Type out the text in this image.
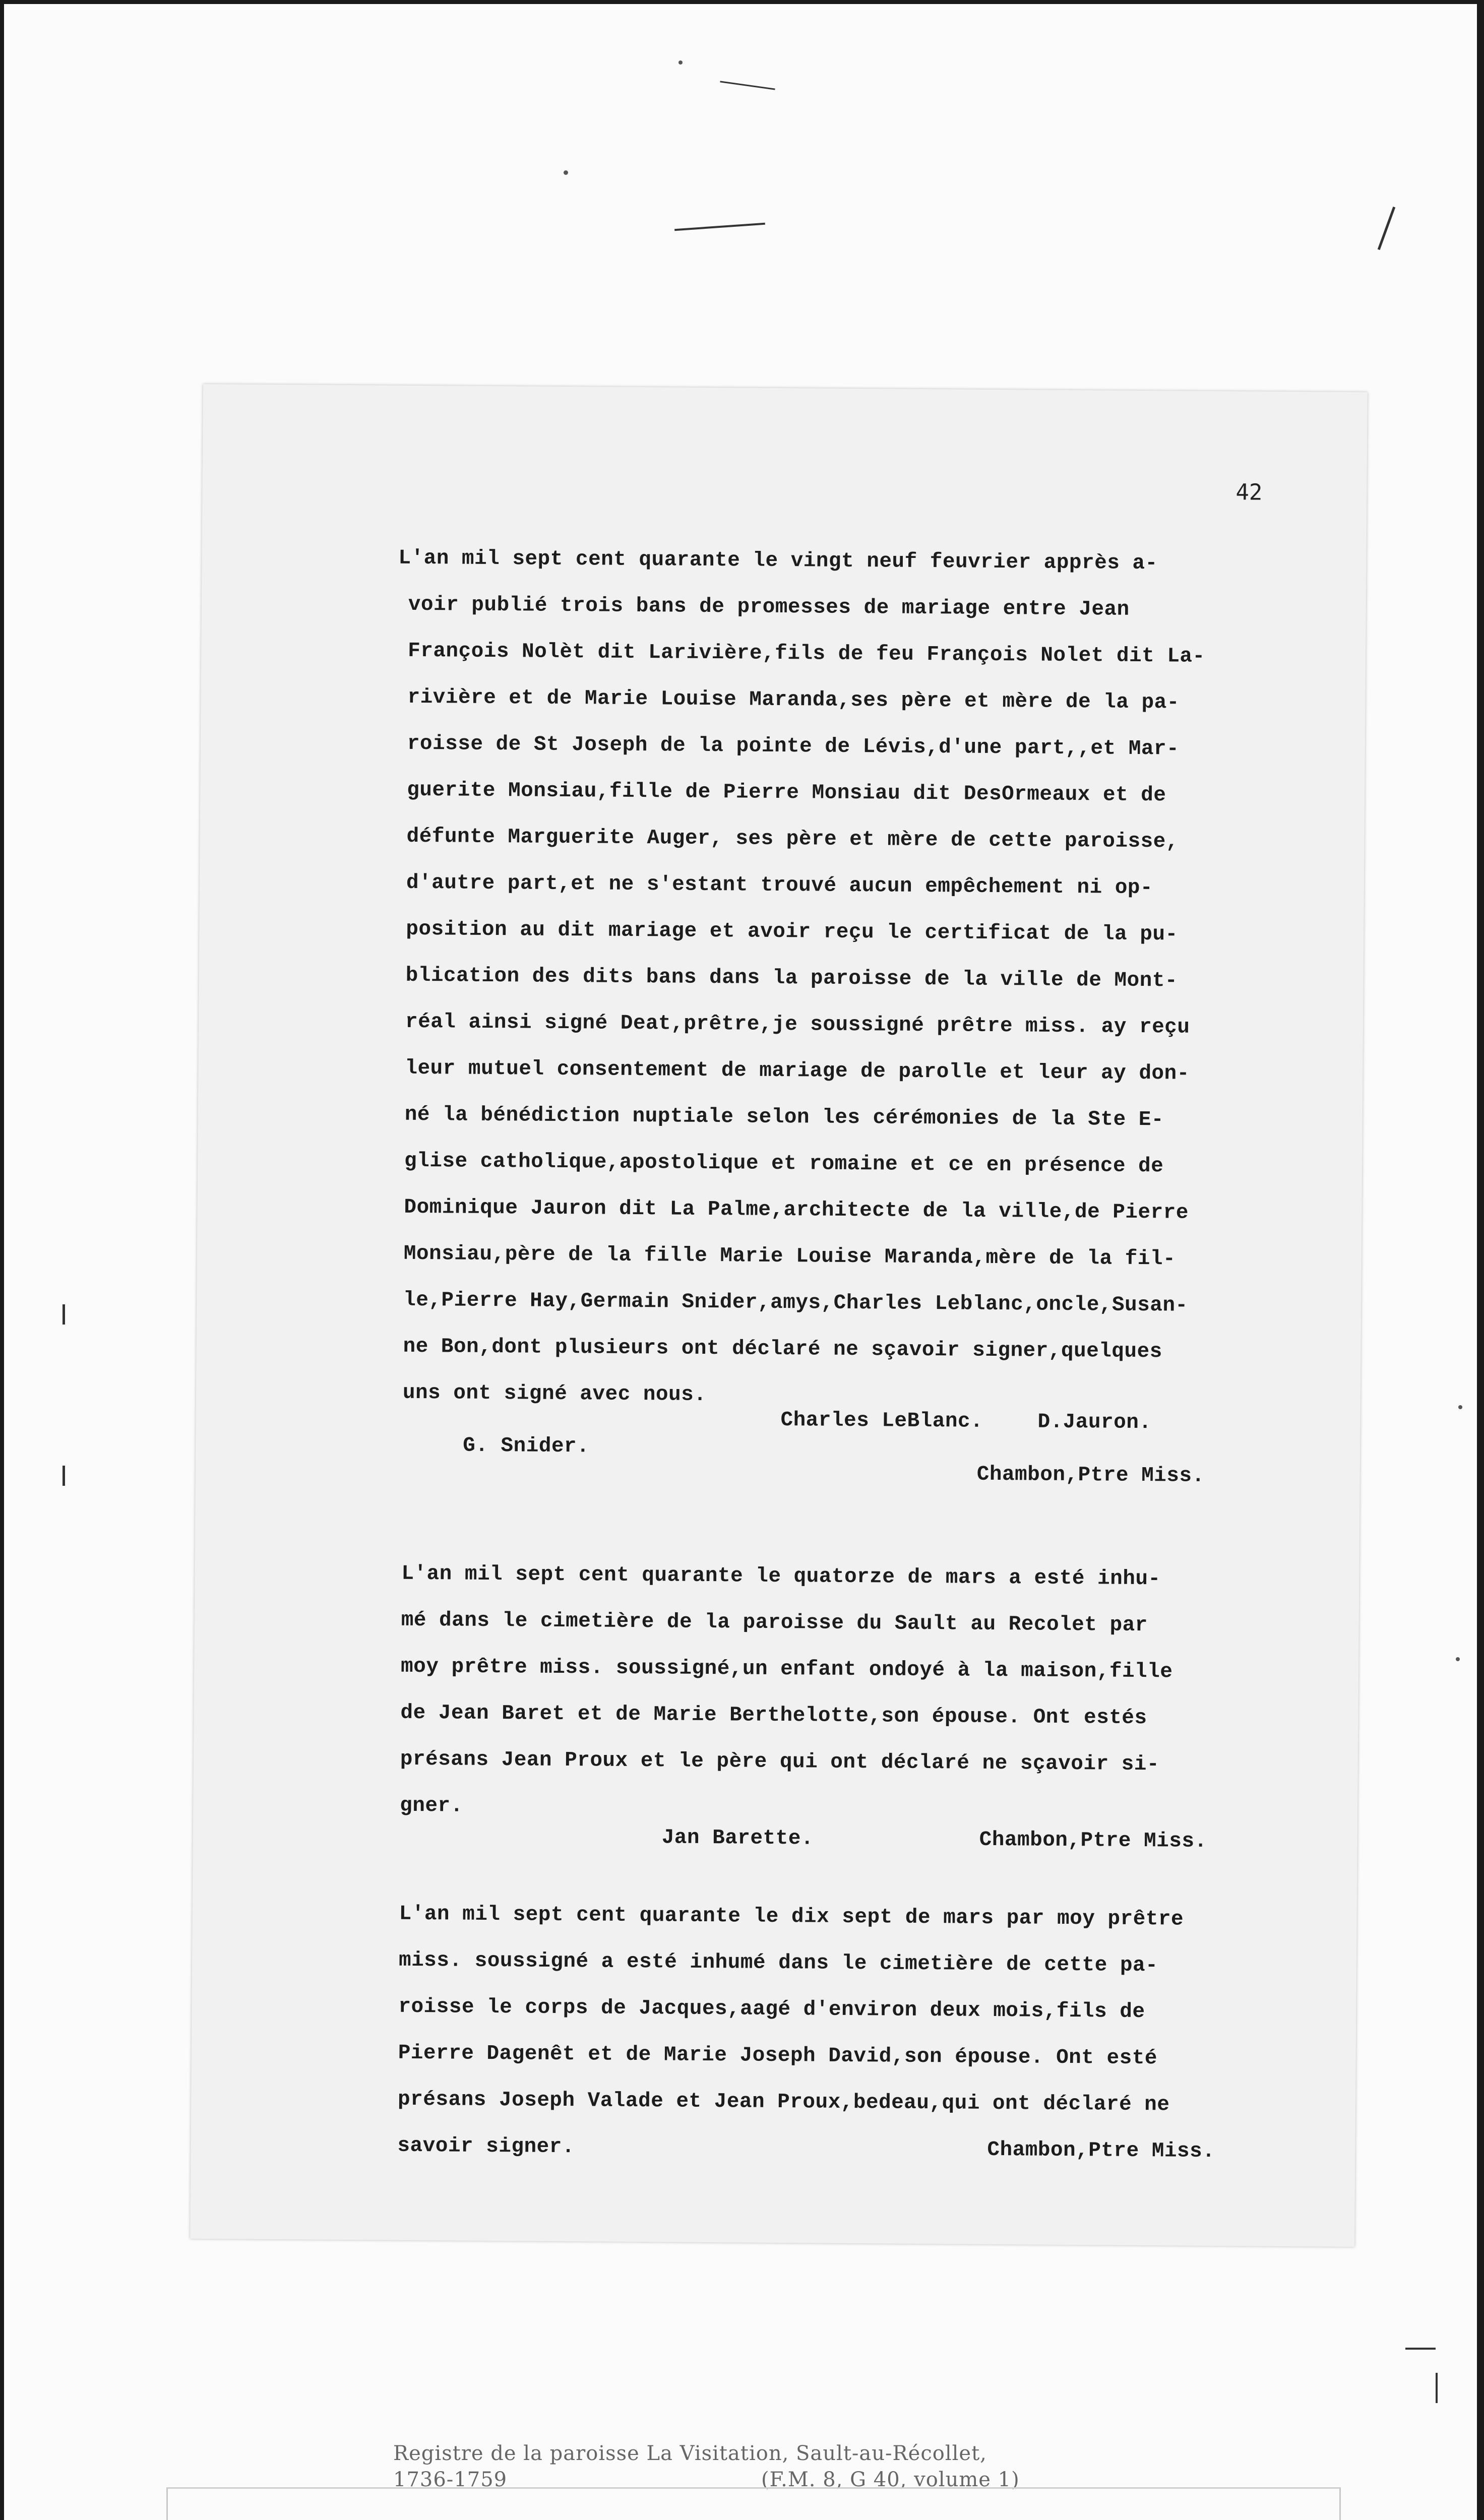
42
L'an mil sept cent quarante le vingt neuf feuvrier apprès a-
voir publié trois bans de promesses de mariage entre Jean
François Nolèt dit Larivière,fils de feu François Nolet dit La-
rivière et de Marie Louise Maranda,ses père et mère de la pa-
roisse de St Joseph de la pointe de Lévis,d'une part,,et Mar-
guerite Monsiau,fille de Pierre Monsiau dit DesOrmeaux et de
défunte Marguerite Auger, ses père et mère de cette paroisse,
d'autre part,et ne s'estant trouvé aucun empêchement ni op-
position au dit mariage et avoir reçu le certificat de la pu-
blication des dits bans dans la paroisse de la ville de Mont-
réal ainsi signé Deat,prêtre,je soussigné prêtre miss. ay reçu
leur mutuel consentement de mariage de parolle et leur ay don-
né la bénédiction nuptiale selon les cérémonies de la Ste E-
glise catholique,apostolique et romaine et ce en présence de
Dominique Jauron dit La Palme,architecte de la ville,de Pierre
Monsiau,père de la fille Marie Louise Maranda,mère de la fil-
le,Pierre Hay,Germain Snider,amys,Charles Leblanc,oncle,Susan-
ne Bon,dont plusieurs ont déclaré ne sçavoir signer,quelques
uns ont signé avec nous.
Charles LeBlanc.	D.Jauron.
G. Snider.
Chambon,Ptre Miss.
L'an mil sept cent quarante le quatorze de mars a esté inhu-
mé dans le cimetière de la paroisse du Sault au Recolet par
moy prêtre miss. soussigné,un enfant ondoyé à la maison,fille
de Jean Baret et de Marie Berthelotte,son épouse. Ont estés
présans Jean Proux et le père qui ont déclaré ne sçavoir si-
gner.
Jan Barette.	Chambon,Ptre Miss.
L'an mil sept cent quarante le dix sept de mars par moy prêtre
miss. soussigné a esté inhumé dans le cimetière de cette pa-
roisse le corps de Jacques,aagé d'environ deux mois,fils de
Pierre Dagenêt et de Marie Joseph David,son épouse. Ont esté
présans Joseph Valade et Jean Proux,bedeau,qui ont déclaré ne
savoir signer.	Chambon,Ptre Miss.
Registre de la paroisse La Visitation, Sault-au-Récollet,
1736-1759	(F.M. 8, G 40, volume 1)
